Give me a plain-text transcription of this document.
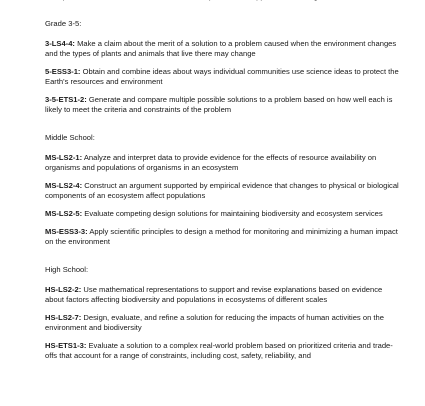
Grade 3-5:

3-LS4-4: Make a claim about the merit of a solution to a problem caused when the environment changes and the types of plants and animals that live there may change

5-ESS3-1: Obtain and combine ideas about ways individual communities use science ideas to protect the Earth's resources and environment

3-5-ETS1-2: Generate and compare multiple possible solutions to a problem based on how well each is likely to meet the criteria and constraints of the problem

Middle School:

MS-LS2-1: Analyze and interpret data to provide evidence for the effects of resource availability on organisms and populations of organisms in an ecosystem

MS-LS2-4: Construct an argument supported by empirical evidence that changes to physical or biological components of an ecosystem affect populations

MS-LS2-5: Evaluate competing design solutions for maintaining biodiversity and ecosystem services

MS-ESS3-3: Apply scientific principles to design a method for monitoring and minimizing a human impact on the environment

High School:

HS-LS2-2: Use mathematical representations to support and revise explanations based on evidence about factors affecting biodiversity and populations in ecosystems of different scales

HS-LS2-7: Design, evaluate, and refine a solution for reducing the impacts of human activities on the environment and biodiversity

HS-ETS1-3: Evaluate a solution to a complex real-world problem based on prioritized criteria and trade-offs that account for a range of constraints, including cost, safety, reliability, and
